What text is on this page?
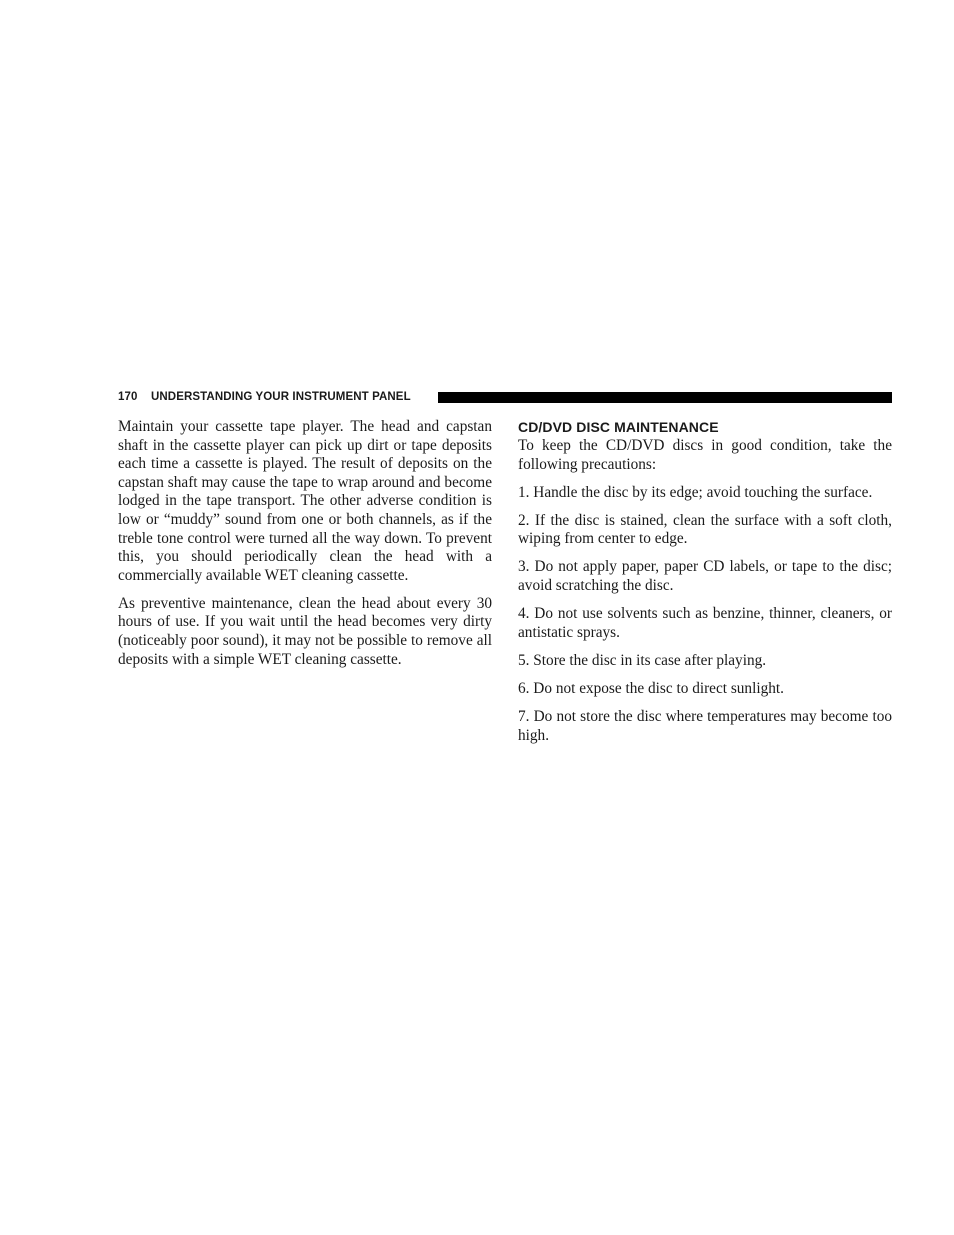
170 UNDERSTANDING YOUR INSTRUMENT PANEL

Maintain your cassette tape player. The head and capstan shaft in the cassette player can pick up dirt or tape deposits each time a cassette is played. The result of deposits on the capstan shaft may cause the tape to wrap around and become lodged in the tape transport. The other adverse condition is low or “muddy” sound from one or both channels, as if the treble tone control were turned all the way down. To prevent this, you should periodically clean the head with a commercially available WET cleaning cassette.

As preventive maintenance, clean the head about every 30 hours of use. If you wait until the head becomes very dirty (noticeably poor sound), it may not be possible to remove all deposits with a simple WET cleaning cassette.

CD/DVD DISC MAINTENANCE

To keep the CD/DVD discs in good condition, take the following precautions:

1. Handle the disc by its edge; avoid touching the surface.

2. If the disc is stained, clean the surface with a soft cloth, wiping from center to edge.

3. Do not apply paper, paper CD labels, or tape to the disc; avoid scratching the disc.

4. Do not use solvents such as benzine, thinner, cleaners, or antistatic sprays.

5. Store the disc in its case after playing.

6. Do not expose the disc to direct sunlight.

7. Do not store the disc where temperatures may become too high.
